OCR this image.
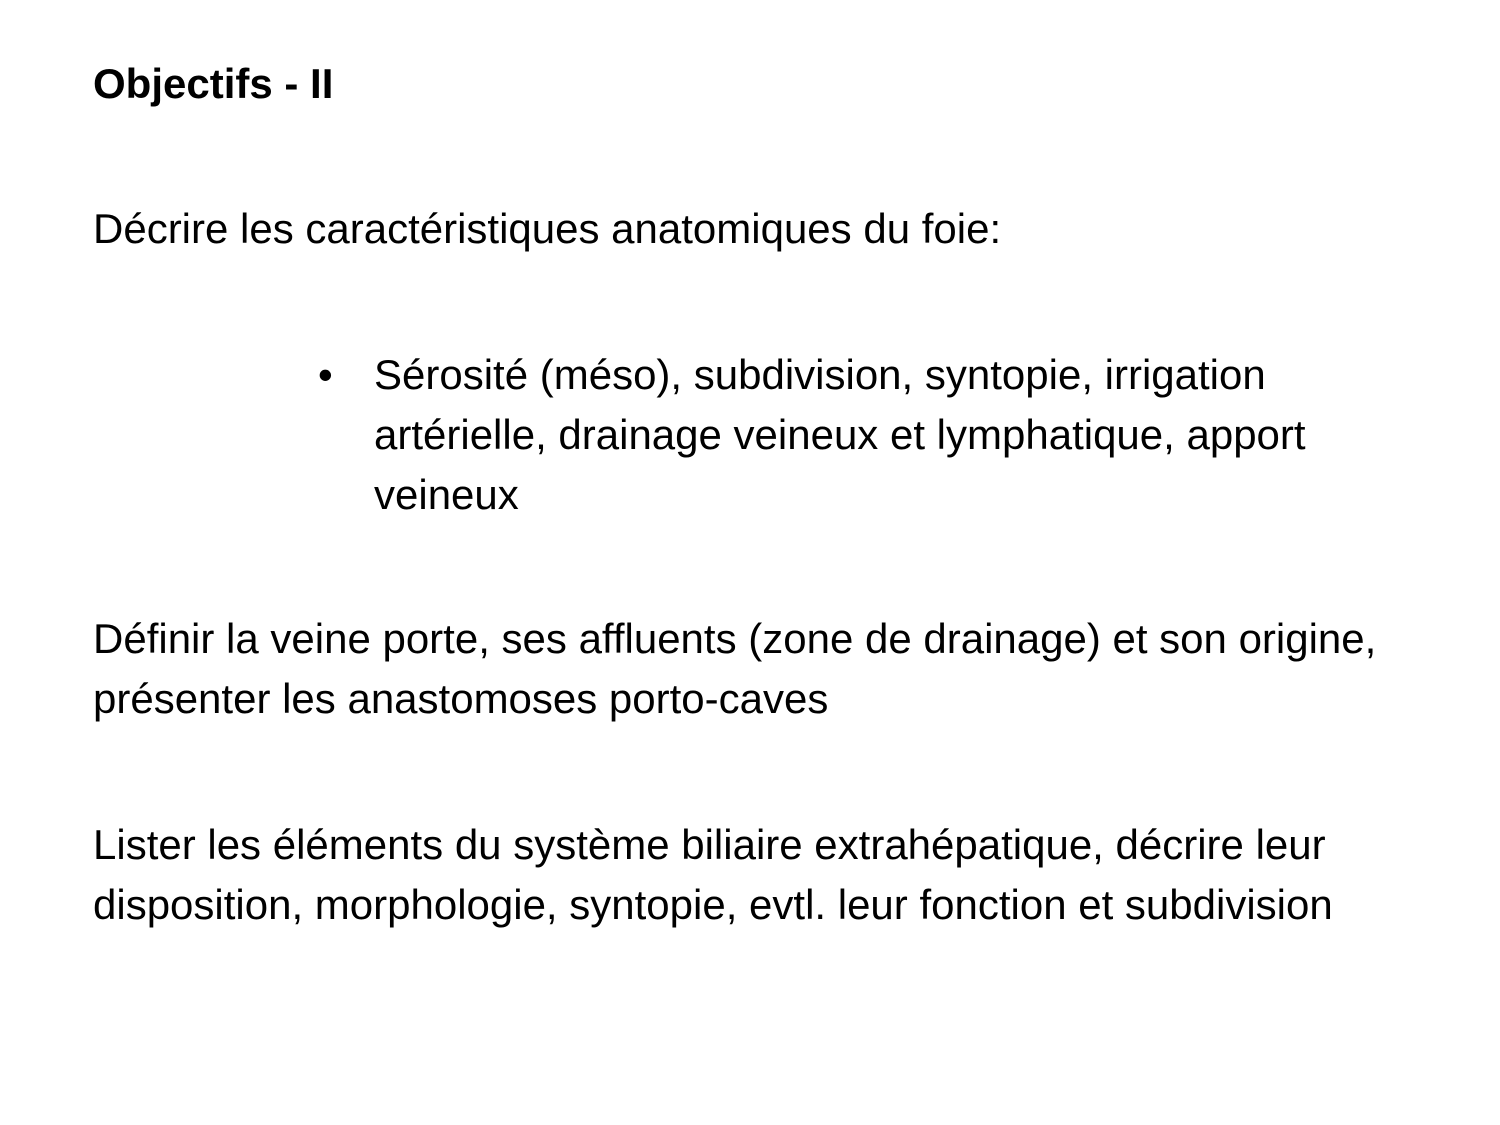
Objectifs - II

Décrire les caractéristiques anatomiques du foie:

• Sérosité (méso), subdivision, syntopie, irrigation artérielle, drainage veineux et lymphatique, apport veineux

Définir la veine porte, ses affluents (zone de drainage) et son origine, présenter les anastomoses porto-caves

Lister les éléments du système biliaire extrahépatique, décrire leur disposition, morphologie, syntopie, evtl. leur fonction et subdivision
